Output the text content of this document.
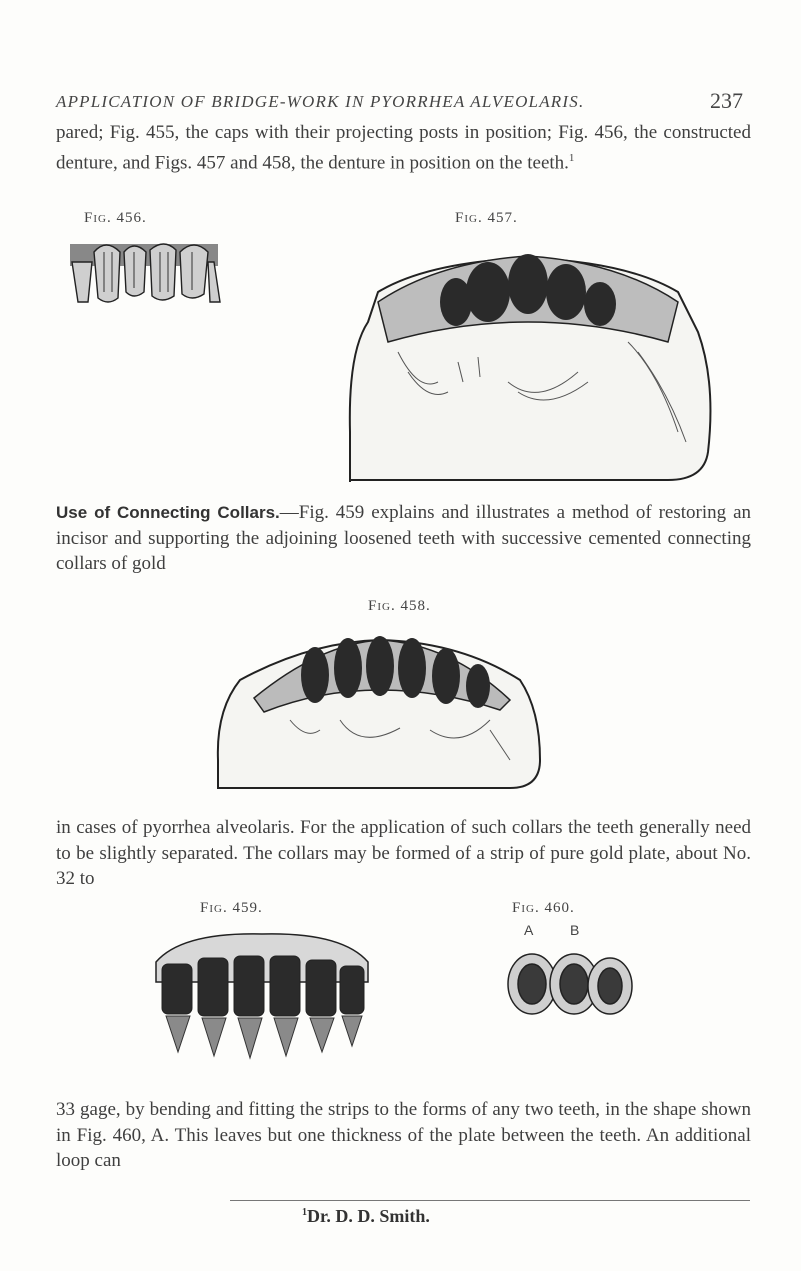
APPLICATION OF BRIDGE-WORK IN PYORRHEA ALVEOLARIS.	237
pared; Fig. 455, the caps with their projecting posts in position; Fig. 456, the constructed denture, and Figs. 457 and 458, the denture in position on the teeth.$^1$
Fig. 456.	Fig. 457.
Use of Connecting Collars.—Fig. 459 explains and illustrates a method of restoring an incisor and supporting the adjoining loosened teeth with successive cemented connecting collars of gold
Fig. 458.
in cases of pyorrhea alveolaris. For the application of such collars the teeth generally need to be slightly separated. The collars may be formed of a strip of pure gold plate, about No. 32 to
Fig. 459.	Fig. 460.
A	B
33 gage, by bending and fitting the strips to the forms of any two teeth, in the shape shown in Fig. 460, A. This leaves but one thickness of the plate between the teeth. An additional loop can
$^1$Dr. D. D. Smith.
